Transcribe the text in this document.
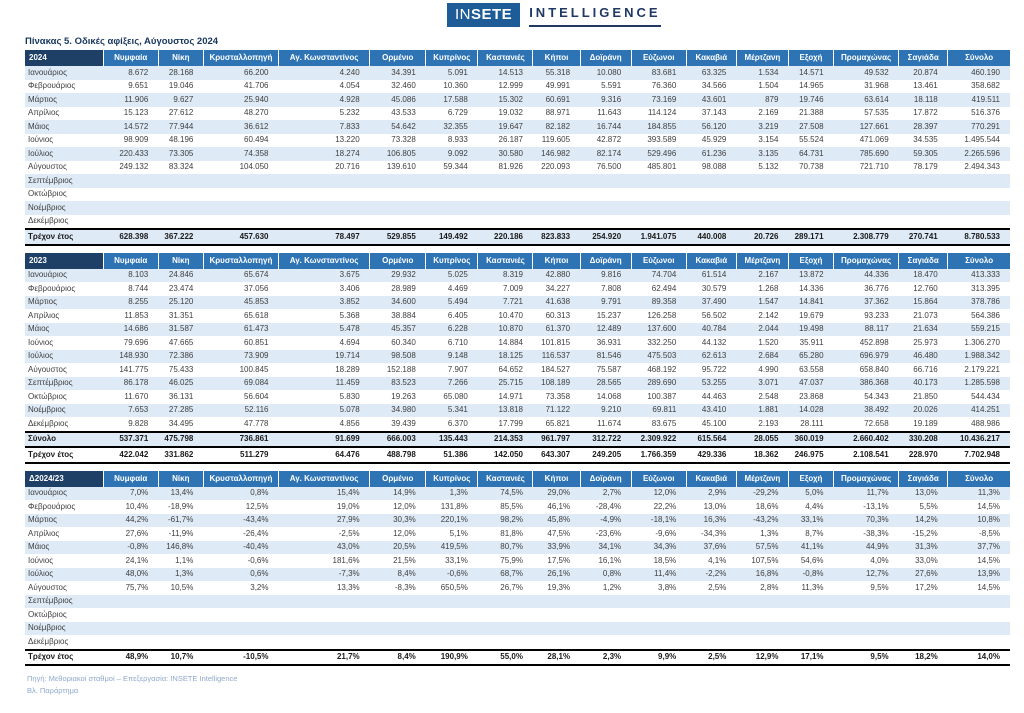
INSETE	INTELLIGENCE
Πίνακας 5. Οδικές αφίξεις, Αύγουστος 2024
2024	Νυμφαία	Νίκη	Κρυσταλλοπηγή	Αγ. Κωνσταντίνος	Ορμένιο	Κυπρίνος	Καστανιές	Κήποι	Δοϊράνη	Εύζωνοι	Κακαβιά	Μέρτζανη	Εξοχή	Προμαχώνας	Σαγιάδα	Σύνολο
Ιανουάριος	8.672	28.168	66.200	4.240	34.391	5.091	14.513	55.318	10.080	83.681	63.325	1.534	14.571	49.532	20.874	460.190
Φεβρουάριος	9.651	19.046	41.706	4.054	32.460	10.360	12.999	49.991	5.591	76.360	34.566	1.504	14.965	31.968	13.461	358.682
Μάρτιος	11.906	9.627	25.940	4.928	45.086	17.588	15.302	60.691	9.316	73.169	43.601	879	19.746	63.614	18.118	419.511
Απρίλιος	15.123	27.612	48.270	5.232	43.533	6.729	19.032	88.971	11.643	114.124	37.143	2.169	21.388	57.535	17.872	516.376
Μάιος	14.572	77.944	36.612	7.833	54.642	32.355	19.647	82.182	16.744	184.855	56.120	3.219	27.508	127.661	28.397	770.291
Ιούνιος	98.909	48.196	60.494	13.220	73.328	8.933	26.187	119.605	42.872	393.589	45.929	3.154	55.524	471.069	34.535	1.495.544
Ιούλιος	220.433	73.305	74.358	18.274	106.805	9.092	30.580	146.982	82.174	529.496	61.236	3.135	64.731	785.690	59.305	2.265.596
Αύγουστος	249.132	83.324	104.050	20.716	139.610	59.344	81.926	220.093	76.500	485.801	98.088	5.132	70.738	721.710	78.179	2.494.343
Σεπτέμβριος																
Οκτώβριος																
Νοέμβριος																
Δεκέμβριος																
Τρέχον έτος	628.398	367.222	457.630	78.497	529.855	149.492	220.186	823.833	254.920	1.941.075	440.008	20.726	289.171	2.308.779	270.741	8.780.533
2023	Νυμφαία	Νίκη	Κρυσταλλοπηγή	Αγ. Κωνσταντίνος	Ορμένιο	Κυπρίνος	Καστανιές	Κήποι	Δοϊράνη	Εύζωνοι	Κακαβιά	Μέρτζανη	Εξοχή	Προμαχώνας	Σαγιάδα	Σύνολο
Ιανουάριος	8.103	24.846	65.674	3.675	29.932	5.025	8.319	42.880	9.816	74.704	61.514	2.167	13.872	44.336	18.470	413.333
Φεβρουάριος	8.744	23.474	37.056	3.406	28.989	4.469	7.009	34.227	7.808	62.494	30.579	1.268	14.336	36.776	12.760	313.395
Μάρτιος	8.255	25.120	45.853	3.852	34.600	5.494	7.721	41.638	9.791	89.358	37.490	1.547	14.841	37.362	15.864	378.786
Απρίλιος	11.853	31.351	65.618	5.368	38.884	6.405	10.470	60.313	15.237	126.258	56.502	2.142	19.679	93.233	21.073	564.386
Μάιος	14.686	31.587	61.473	5.478	45.357	6.228	10.870	61.370	12.489	137.600	40.784	2.044	19.498	88.117	21.634	559.215
Ιούνιος	79.696	47.665	60.851	4.694	60.340	6.710	14.884	101.815	36.931	332.250	44.132	1.520	35.911	452.898	25.973	1.306.270
Ιούλιος	148.930	72.386	73.909	19.714	98.508	9.148	18.125	116.537	81.546	475.503	62.613	2.684	65.280	696.979	46.480	1.988.342
Αύγουστος	141.775	75.433	100.845	18.289	152.188	7.907	64.652	184.527	75.587	468.192	95.722	4.990	63.558	658.840	66.716	2.179.221
Σεπτέμβριος	86.178	46.025	69.084	11.459	83.523	7.266	25.715	108.189	28.565	289.690	53.255	3.071	47.037	386.368	40.173	1.285.598
Οκτώβριος	11.670	36.131	56.604	5.830	19.263	65.080	14.971	73.358	14.068	100.387	44.463	2.548	23.868	54.343	21.850	544.434
Νοέμβριος	7.653	27.285	52.116	5.078	34.980	5.341	13.818	71.122	9.210	69.811	43.410	1.881	14.028	38.492	20.026	414.251
Δεκέμβριος	9.828	34.495	47.778	4.856	39.439	6.370	17.799	65.821	11.674	83.675	45.100	2.193	28.111	72.658	19.189	488.986
Σύνολο	537.371	475.798	736.861	91.699	666.003	135.443	214.353	961.797	312.722	2.309.922	615.564	28.055	360.019	2.660.402	330.208	10.436.217
Τρέχον έτος	422.042	331.862	511.279	64.476	488.798	51.386	142.050	643.307	249.205	1.766.359	429.336	18.362	246.975	2.108.541	228.970	7.702.948
Δ2024/23	Νυμφαία	Νίκη	Κρυσταλλοπηγή	Αγ. Κωνσταντίνος	Ορμένιο	Κυπρίνος	Καστανιές	Κήποι	Δοϊράνη	Εύζωνοι	Κακαβιά	Μέρτζανη	Εξοχή	Προμαχώνας	Σαγιάδα	Σύνολο
Ιανουάριος	7,0%	13,4%	0,8%	15,4%	14,9%	1,3%	74,5%	29,0%	2,7%	12,0%	2,9%	-29,2%	5,0%	11,7%	13,0%	11,3%
Φεβρουάριος	10,4%	-18,9%	12,5%	19,0%	12,0%	131,8%	85,5%	46,1%	-28,4%	22,2%	13,0%	18,6%	4,4%	-13,1%	5,5%	14,5%
Μάρτιος	44,2%	-61,7%	-43,4%	27,9%	30,3%	220,1%	98,2%	45,8%	-4,9%	-18,1%	16,3%	-43,2%	33,1%	70,3%	14,2%	10,8%
Απρίλιος	27,6%	-11,9%	-26,4%	-2,5%	12,0%	5,1%	81,8%	47,5%	-23,6%	-9,6%	-34,3%	1,3%	8,7%	-38,3%	-15,2%	-8,5%
Μάιος	-0,8%	146,8%	-40,4%	43,0%	20,5%	419,5%	80,7%	33,9%	34,1%	34,3%	37,6%	57,5%	41,1%	44,9%	31,3%	37,7%
Ιούνιος	24,1%	1,1%	-0,6%	181,6%	21,5%	33,1%	75,9%	17,5%	16,1%	18,5%	4,1%	107,5%	54,6%	4,0%	33,0%	14,5%
Ιούλιος	48,0%	1,3%	0,6%	-7,3%	8,4%	-0,6%	68,7%	26,1%	0,8%	11,4%	-2,2%	16,8%	-0,8%	12,7%	27,6%	13,9%
Αύγουστος	75,7%	10,5%	3,2%	13,3%	-8,3%	650,5%	26,7%	19,3%	1,2%	3,8%	2,5%	2,8%	11,3%	9,5%	17,2%	14,5%
Σεπτέμβριος																
Οκτώβριος																
Νοέμβριος																
Δεκέμβριος																
Τρέχον έτος	48,9%	10,7%	-10,5%	21,7%	8,4%	190,9%	55,0%	28,1%	2,3%	9,9%	2,5%	12,9%	17,1%	9,5%	18,2%	14,0%
Πηγή: Μεθοριακοί σταθμοί – Επεξεργασία: INSETE Intelligence
Βλ. Παράρτημα
